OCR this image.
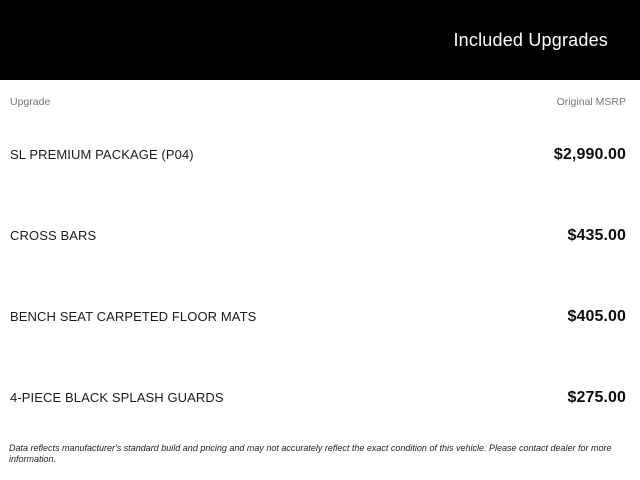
Included Upgrades
Upgrade	Original MSRP
SL PREMIUM PACKAGE (P04)	$2,990.00
CROSS BARS	$435.00
BENCH SEAT CARPETED FLOOR MATS	$405.00
4-PIECE BLACK SPLASH GUARDS	$275.00
Data reflects manufacturer's standard build and pricing and may not accurately reflect the exact condition of this vehicle. Please contact dealer for more information.
